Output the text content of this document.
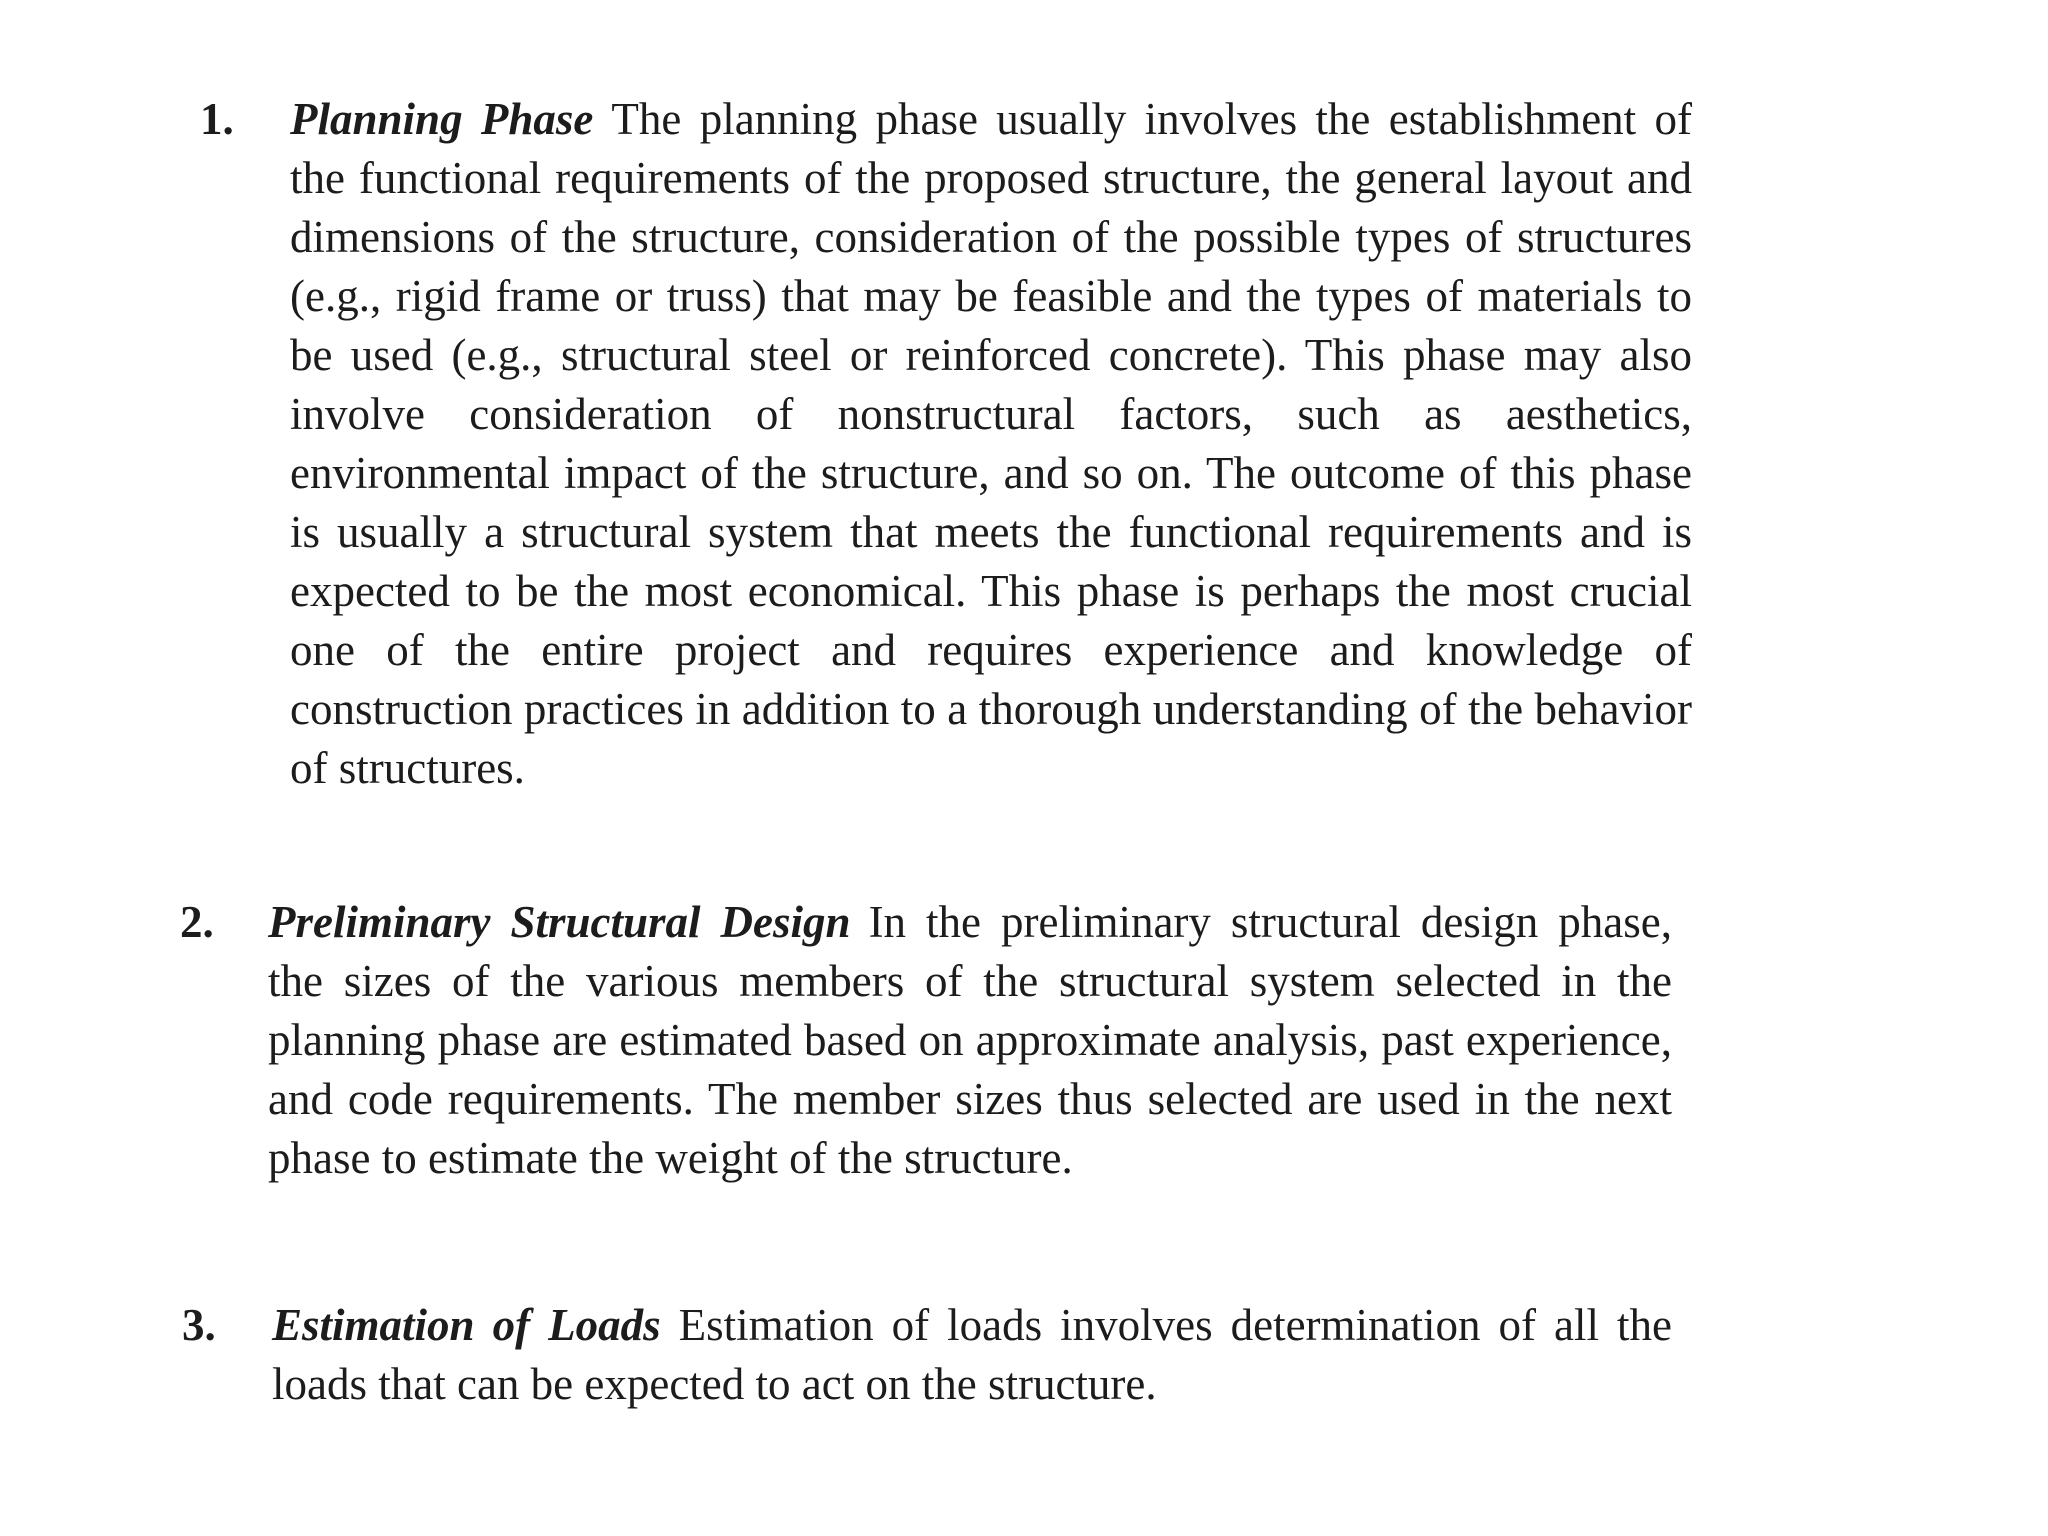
1. Planning Phase The planning phase usually involves the establishment of the functional requirements of the proposed structure, the general layout and dimensions of the structure, consideration of the possible types of structures (e.g., rigid frame or truss) that may be feasible and the types of materials to be used (e.g., structural steel or reinforced concrete). This phase may also involve consideration of nonstructural factors, such as aesthetics, environmental impact of the structure, and so on. The outcome of this phase is usually a structural system that meets the functional requirements and is expected to be the most economical. This phase is perhaps the most crucial one of the entire project and requires experience and knowledge of construction practices in addition to a thorough understanding of the behavior of structures.

2. Preliminary Structural Design In the preliminary structural design phase, the sizes of the various members of the structural system selected in the planning phase are estimated based on approximate analysis, past experience, and code requirements. The member sizes thus selected are used in the next phase to estimate the weight of the structure.

3. Estimation of Loads Estimation of loads involves determination of all the loads that can be expected to act on the structure.
